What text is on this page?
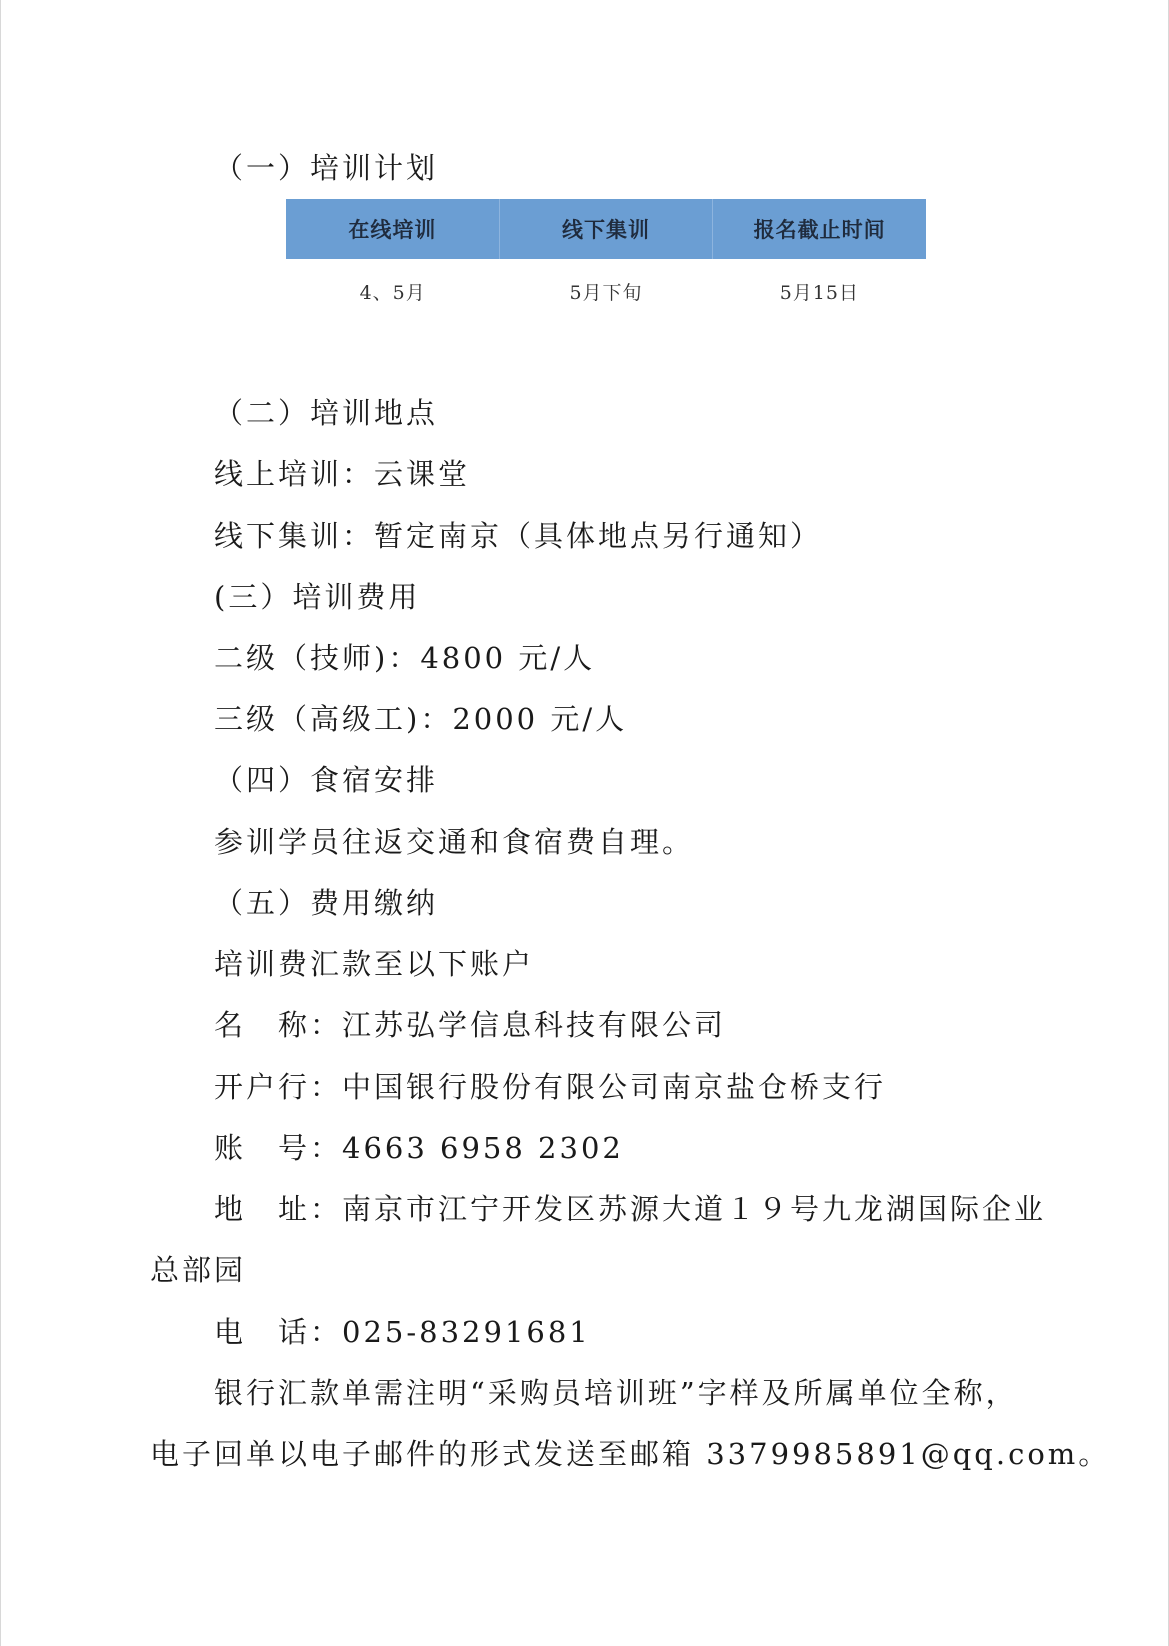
（一）培训计划
在线培训	线下集训	报名截止时间
4、5月	5月下旬	5月15日
（二）培训地点
线上培训：云课堂
线下集训：暂定南京（具体地点另行通知）
(三）培训费用
二级（技师)：4800 元/人
三级（高级工)：2000 元/人
（四）食宿安排
参训学员往返交通和食宿费自理。
（五）费用缴纳
培训费汇款至以下账户
名　称：江苏弘学信息科技有限公司
开户行：中国银行股份有限公司南京盐仓桥支行
账　号：4663 6958 2302
地　址：南京市江宁开发区苏源大道１９号九龙湖国际企业
总部园
电　话：025-83291681
银行汇款单需注明“采购员培训班”字样及所属单位全称，
电子回单以电子邮件的形式发送至邮箱 3379985891@qq.com。
